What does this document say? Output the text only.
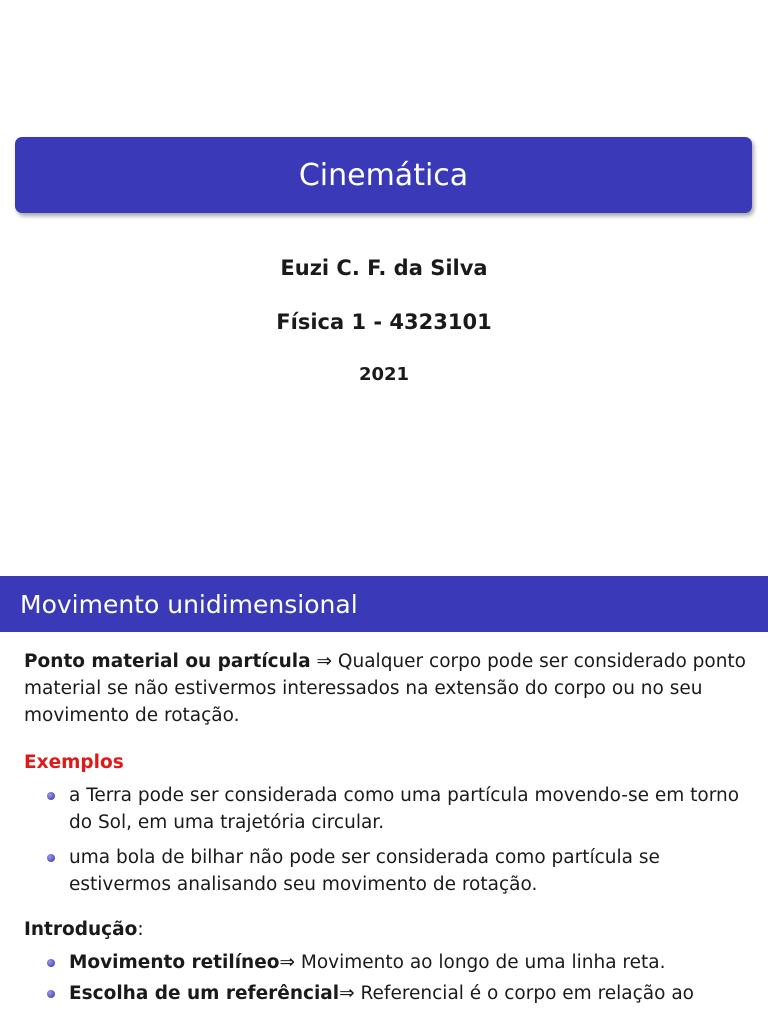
Cinemática
Euzi C. F. da Silva
Física 1 - 4323101
2021
Movimento unidimensional

Ponto material ou partícula ⇒ Qualquer corpo pode ser considerado ponto material se não estivermos interessados na extensão do corpo ou no seu movimento de rotação.

Exemplos
a Terra pode ser considerada como uma partícula movendo-se em torno do Sol, em uma trajetória circular.
uma bola de bilhar não pode ser considerada como partícula se estivermos analisando seu movimento de rotação.
Introdução:
Movimento retilíneo⇒ Movimento ao longo de uma linha reta.
Escolha de um referêncial⇒ Referencial é o corpo em relação ao
